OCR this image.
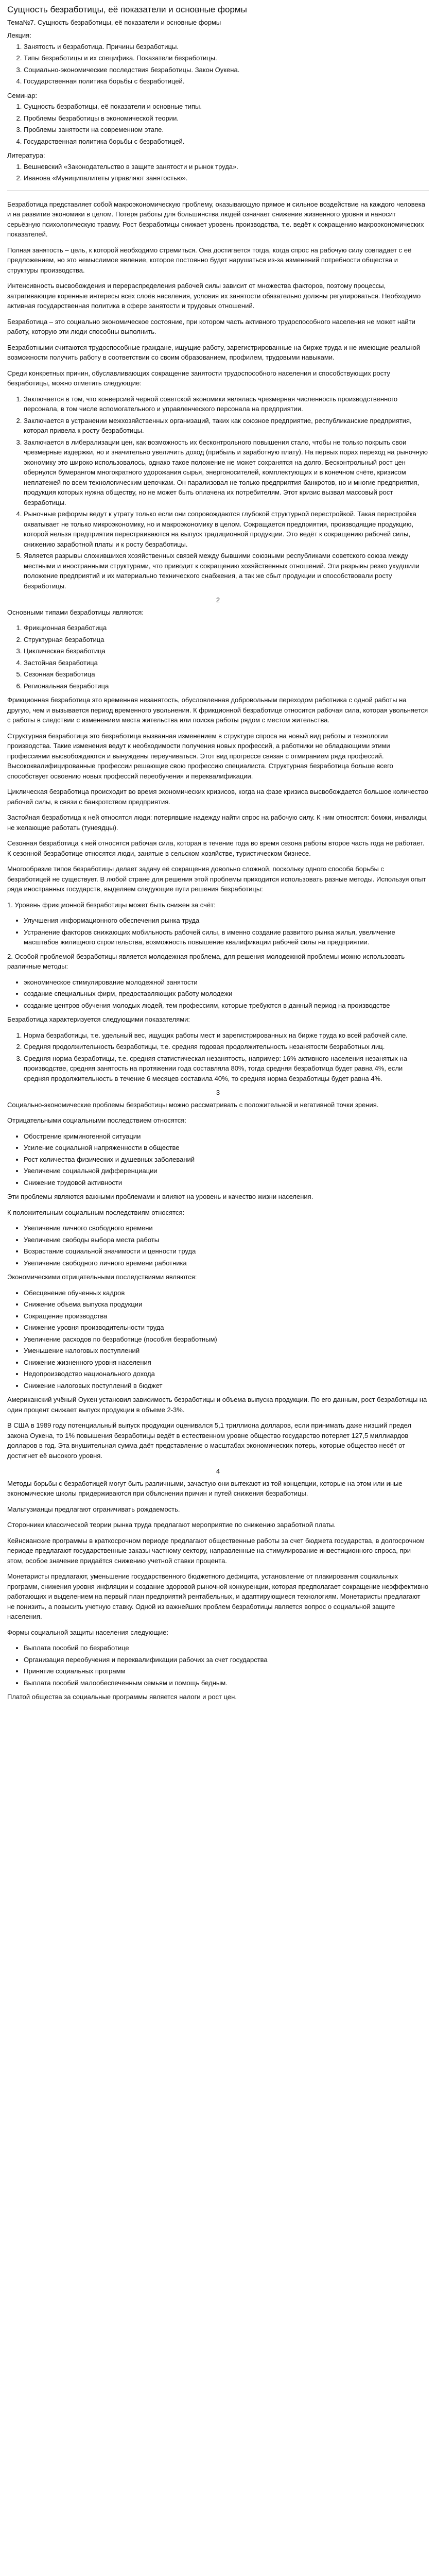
Сущность безработицы, её показатели и основные формы
Тема№7. Сущность безработицы, её показатели и основные формы
Лекция:
1. Занятость и безработица. Причины безработицы.
2. Типы безработицы и их специфика. Показатели безработицы.
3. Социально-экономические последствия безработицы. Закон Оукена.
4. Государственная политика борьбы с безработицей.
Семинар:
1. Сущность безработицы, её показатели и основные типы.
2. Проблемы безработицы в экономической теории.
3. Проблемы занятости на современном этапе.
4. Государственная политика борьбы с безработицей.
Литература:
1. Вешневский «Законодательство в защите занятости и рынок труда».
2. Иванова «Муниципалитеты управляют занятостью».

Безработица представляет собой макроэкономическую проблему, оказывающую прямое и сильное воздействие на каждого человека и на развитие экономики в целом. Потеря работы для большинства людей означает снижение жизненного уровня и наносит серьёзную психологическую травму. Рост безработицы снижает уровень производства, т.е. ведёт к сокращению макроэкономических показателей.

Полная занятость – цель, к которой необходимо стремиться. Она достигается тогда, когда спрос на рабочую силу совпадает с её предложением, но это немыслимое явление, которое постоянно будет нарушаться из-за изменений потребности общества и структуры производства.

Интенсивность высвобождения и перераспределения рабочей силы зависит от множества факторов, поэтому процессы, затрагивающие коренные интересы всех слоёв населения, условия их занятости обязательно должны регулироваться. Необходимо активная государственная политика в сфере занятости и трудовых отношений.

Безработица – это социально экономическое состояние, при котором часть активного трудоспособного населения не может найти работу, которую эти люди способны выполнить.

Безработными считаются трудоспособные граждане, ищущие работу, зарегистрированные на бирже труда и не имеющие реальной возможности получить работу в соответствии со своим образованием, профилем, трудовыми навыками.

Среди конкретных причин, обуславливающих сокращение занятости трудоспособного населения и способствующих росту безработицы, можно отметить следующие:

1. Заключается в том, что конверсией черной советской экономики являлась чрезмерная численность производственного персонала, в том числе вспомогательного и управленческого персонала на предприятии.
2. Заключается в устранении межхозяйственных организаций, таких как союзное предприятие, республиканские предприятия, которая привела к росту безработицы.
3. Заключается в либерализации цен, как возможность их бесконтрольного повышения стало, чтобы не только покрыть свои чрезмерные издержки, но и значительно увеличить доход (прибыль и заработную плату). На первых порах переход на рыночную экономику это широко использовалось, однако такое положение не может сохранятся на долго. Бесконтрольный рост цен обернулся бумерангом многократного удорожания сырья, энергоносителей, комплектующих и в конечном счёте, кризисом неплатежей по всем технологическим цепочкам. Он парализовал не только предприятия банкротов, но и многие предприятия, продукция которых нужна обществу, но не может быть оплачена их потребителям. Этот кризис вызвал массовый рост безработицы.
4. Рыночные реформы ведут к утрату только если они сопровождаются глубокой структурной перестройкой. Такая перестройка охватывает не только микроэкономику, но и макроэкономику в целом. Сокращается предприятия, производящие продукцию, которой нельзя предприятия перестраиваются на выпуск традиционной продукции. Это ведёт к сокращению рабочей силы, снижению заработной платы и к росту безработицы.
5. Является разрывы сложившихся хозяйственных связей между бывшими союзными республиками советского союза между местными и иностранными структурами, что приводит к сокращению хозяйственных отношений. Эти разрывы резко ухудшили положение предприятий и их материально технического снабжения, а так же сбыт продукции и способствовали росту безработицы.
2

Основными типами безработицы являются:

1. Фрикционная безработица
2. Структурная безработица
3. Циклическая безработица
4. Застойная безработица
5. Сезонная безработица
6. Региональная безработица

Фрикционная безработица это временная незанятость, обусловленная добровольным переходом работника с одной работы на другую, чем и вызывается период временного увольнения. К фрикционной безработице относится рабочая сила, которая увольняется с работы в следствии с изменением места жительства или поиска работы рядом с местом жительства.

Структурная безработица это безработица вызванная изменением в структуре спроса на новый вид работы и технологии производства. Такие изменения ведут к необходимости получения новых профессий, а работники не обладающими этими профессиями высвобождаются и вынуждены переучиваться. Этот вид прогрессе связан с отмиранием ряда профессий. Высококвалифицированные профессии решающие свою профессию специалиста. Структурная безработица больше всего способствует освоению новых профессий переобучения и переквалификации.

Циклическая безработица происходит во время экономических кризисов, когда на фазе кризиса высвобождается большое количество рабочей силы, в связи с банкротством предприятия.

Застойная безработица к ней относятся люди: потерявшие надежду найти спрос на рабочую силу. К ним относятся: бомжи, инвалиды, не желающие работать (тунеядцы).

Сезонная безработица к ней относятся рабочая сила, которая в течение года во время сезона работы второе часть года не работает. К сезонной безработице относятся люди, занятые в сельском хозяйстве, туристическом бизнесе.

Многообразие типов безработицы делает задачу её сокращения довольно сложной, поскольку одного способа борьбы с безработицей не существует. В любой стране для решения этой проблемы приходится использовать разные методы. Используя опыт ряда иностранных государств, выделяем следующие пути решения безработицы:

1. Уровень фрикционной безработицы может быть снижен за счёт:

• Улучшения информационного обеспечения рынка труда
• Устранение факторов снижающих мобильность рабочей силы, в именно создание развитого рынка жилья, увеличение масштабов жилищного строительства, возможность повышение квалификации рабочей силы на предприятии.

2. Особой проблемой безработицы является молодежная проблема, для решения молодежной проблемы можно использовать различные методы:

• экономическое стимулирование молодежной занятости
• создание специальных фирм, предоставляющих работу молодежи
• создание центров обучения молодых людей, тем профессиям, которые требуются в данный период на производстве

Безработица характеризуется следующими показателями:

1. Норма безработицы, т.е. удельный вес, ищущих работы мест и зарегистрированных на бирже труда ко всей рабочей силе.
2. Средняя продолжительность безработицы, т.е. средняя годовая продолжительность незанятости безработных лиц.
3. Средняя норма безработицы, т.е. средняя статистическая незанятость, например: 16% активного населения незанятых на производстве, средняя занятость на протяжении года составляла 80%, тогда средняя безработица будет равна 4%, если средняя продолжительность в течение 6 месяцев составила 40%, то средняя норма безработицы будет равна 4%.
3

Социально-экономические проблемы безработицы можно рассматривать с положительной и негативной точки зрения.

Отрицательными социальными последствием относятся:

• Обострение криминогенной ситуации
• Усиление социальной напряженности в обществе
• Рост количества физических и душевных заболеваний
• Увеличение социальной дифференциации
• Снижение трудовой активности

Эти проблемы являются важными проблемами и влияют на уровень и качество жизни населения.

К положительным социальным последствиям относятся:

• Увеличение личного свободного времени
• Увеличение свободы выбора места работы
• Возрастание социальной значимости и ценности труда
• Увеличение свободного личного времени работника

Экономическими отрицательными последствиями являются:

• Обесценение обученных кадров
• Снижение объема выпуска продукции
• Сокращение производства
• Снижение уровня производительности труда
• Увеличение расходов по безработице (пособия безработным)
• Уменьшение налоговых поступлений
• Снижение жизненного уровня населения
• Недопроизводство национального дохода
• Снижение налоговых поступлений в бюджет

Американский учёный Оукен установил зависимость безработицы и объема выпуска продукции. По его данным, рост безработицы на один процент снижает выпуск продукции в объеме 2-3%.

В США в 1989 году потенциальный выпуск продукции оценивался 5,1 триллиона долларов, если принимать даже низший предел закона Оукена, то 1% повышения безработицы ведёт в естественном уровне общество государство потеряет 127,5 миллиардов долларов в год. Эта внушительная сумма даёт представление о масштабах экономических потерь, которые общество несёт от достигнет её высокого уровня.

4

Методы борьбы с безработицей могут быть различными, зачастую они вытекают из той концепции, которые на этом или иные экономические школы придерживаются при объяснении причин и путей снижения безработицы.

Мальтузианцы предлагают ограничивать рождаемость.

Сторонники классической теории рынка труда предлагают мероприятие по снижению заработной платы.

Кейнсианские программы в краткосрочном периоде предлагают общественные работы за счет бюджета государства, в долгосрочном периоде предлагают государственные заказы частному сектору, направленные на стимулирование инвестиционного спроса, при этом, особое значение придаётся снижению учетной ставки процента.

Монетаристы предлагают, уменьшение государственного бюджетного дефицита, установление от плакирования социальных программ, снижения уровня инфляции и создание здоровой рыночной конкуренции, которая предполагает сокращение неэффективно работающих и выделением на первый план предприятий рентабельных, и адаптирующиеся технологиям. Монетаристы предлагают не понизить, а повысить учетную ставку. Одной из важнейших проблем безработицы является вопрос о социальной защите населения.

Формы социальной защиты населения следующие:

• Выплата пособий по безработице
• Организация переобучения и переквалификации рабочих за счет государства
• Принятие социальных программ
• Выплата пособий малообеспеченным семьям и помощь бедным.

Платой общества за социальные программы является налоги и рост цен.
